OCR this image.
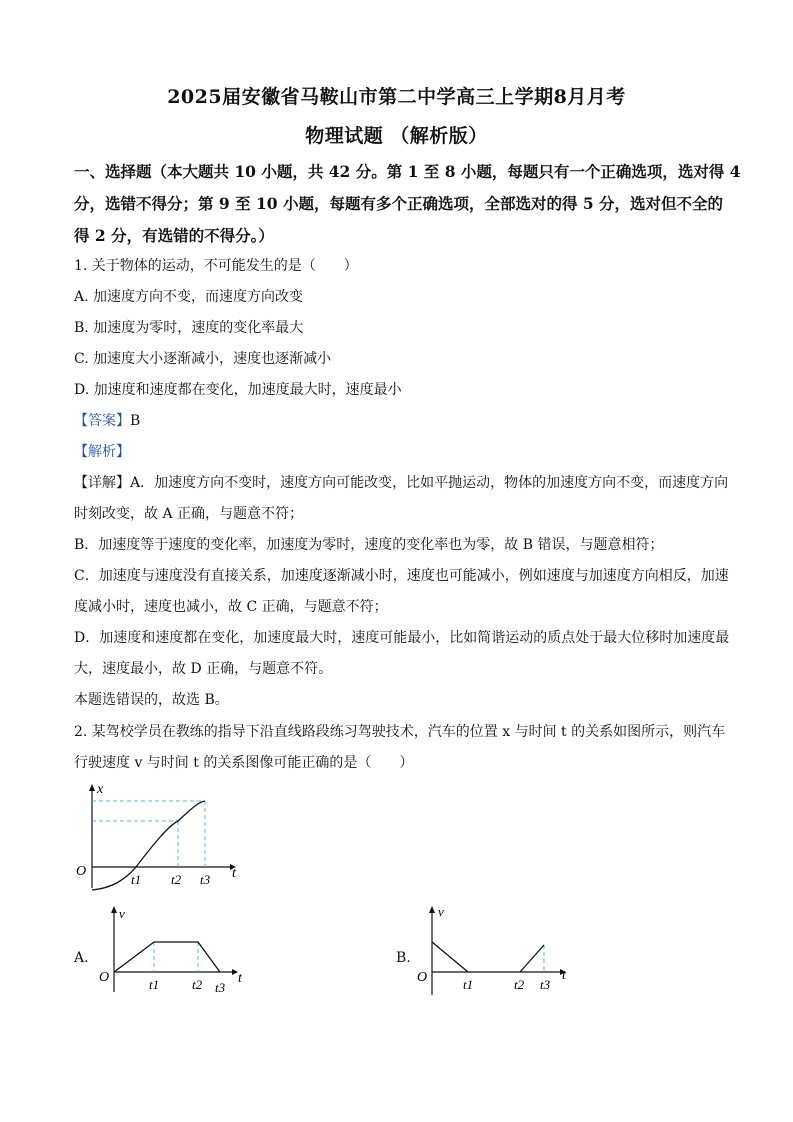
2025届安徽省马鞍山市第二中学高三上学期8月月考
物理试题 （解析版）
一、选择题（本大题共 10 小题，共 42 分。第 1 至 8 小题，每题只有一个正确选项，选对得 4
分，选错不得分；第 9 至 10 小题，每题有多个正确选项，全部选对的得 5 分，选对但不全的
得 2 分，有选错的不得分。）
1. 关于物体的运动，不可能发生的是（　　）
A. 加速度方向不变，而速度方向改变
B. 加速度为零时，速度的变化率最大
C. 加速度大小逐渐减小，速度也逐渐减小
D. 加速度和速度都在变化，加速度最大时，速度最小
【答案】B
【解析】
【详解】A．加速度方向不变时，速度方向可能改变，比如平抛运动，物体的加速度方向不变，而速度方向
时刻改变，故 A 正确，与题意不符；
B．加速度等于速度的变化率，加速度为零时，速度的变化率也为零，故 B 错误，与题意相符；
C．加速度与速度没有直接关系，加速度逐渐减小时，速度也可能减小，例如速度与加速度方向相反，加速
度减小时，速度也减小，故 C 正确，与题意不符；
D．加速度和速度都在变化，加速度最大时，速度可能最小，比如简谐运动的质点处于最大位移时加速度最
大，速度最小，故 D 正确，与题意不符。
本题选错误的，故选 B。
2. 某驾校学员在教练的指导下沿直线路段练习驾驶技术，汽车的位置 x 与时间 t 的关系如图所示，则汽车
行驶速度 v 与时间 t 的关系图像可能正确的是（　　）
x
t
O
t1 t2 t3
A.
v
t
O	t1	t2 t3
B.
v
t
O	t1	t2 t3
